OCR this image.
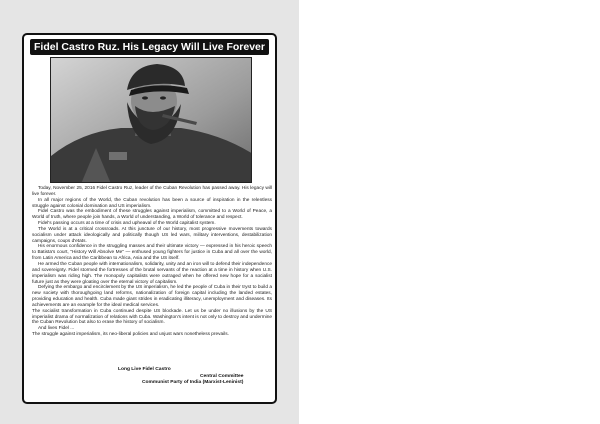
Fidel Castro Ruz. His Legacy Will Live Forever

Today, November 25, 2016 Fidel Castro Ruz, leader of the Cuban Revolution has passed away. His legacy will live forever.

In all major regions of the World, the Cuban revolution has been a source of inspiration in the relentless struggle against colonial domination and US imperialism.

Fidel Castro was the embodiment of these struggles against imperialism, committed to a World of Peace, a World of truth, where people join hands, a World of understanding, a World of tolerance and respect.

Fidel's passing occurs at a time of crisis and upheaval of the World capitalist system.

The World is at a critical crossroads. At this juncture of our history, most progressive movements towards socialism under attack ideologically and politically though US led wars, military interventions, destabilization campaigns, coups d'etats.

His enormous confidence in the struggling masses and their ultimate victory — expressed in his heroic speech to Batista's court, "History Will Absolve Me" — enthused young fighters for justice in Cuba and all over the world, from Latin America and the Caribbean to Africa, Asia and the US itself.

He armed the Cuban people with internationalism, solidarity, unity and an iron will to defend their independence and sovereignty. Fidel stormed the fortresses of the brutal servants of the reaction at a time in history when U.S. imperialism was riding high. The monopoly capitalists were outraged when he offered new hope for a socialist future just as they were gloating over the eternal victory of capitalism.

Defying the embargo and encirclement by the US imperialism, he led the people of Cuba in their tryst to build a new society with thoroughgoing land reforms, nationalization of foreign capital including the landed estates, providing education and health. Cuba made giant strides in eradicating illiteracy, unemployment and diseases. Its achievements are an example for the ideal medical services.

The socialist transformation in Cuba continued despite US blockade. Let us be under no illusions by the US imperialist drama of normalization of relations with Cuba. Washington's intent is not only to destroy and undermine the Cuban Revolution but also to erase the history of socialism.

And lives Fidel ...

The struggle against imperialism, its neo-liberal policies and unjust wars nonetheless prevails.

Long Live Fidel Castro
Central Committee
Communist Party of India (Marxist-Leninist)
